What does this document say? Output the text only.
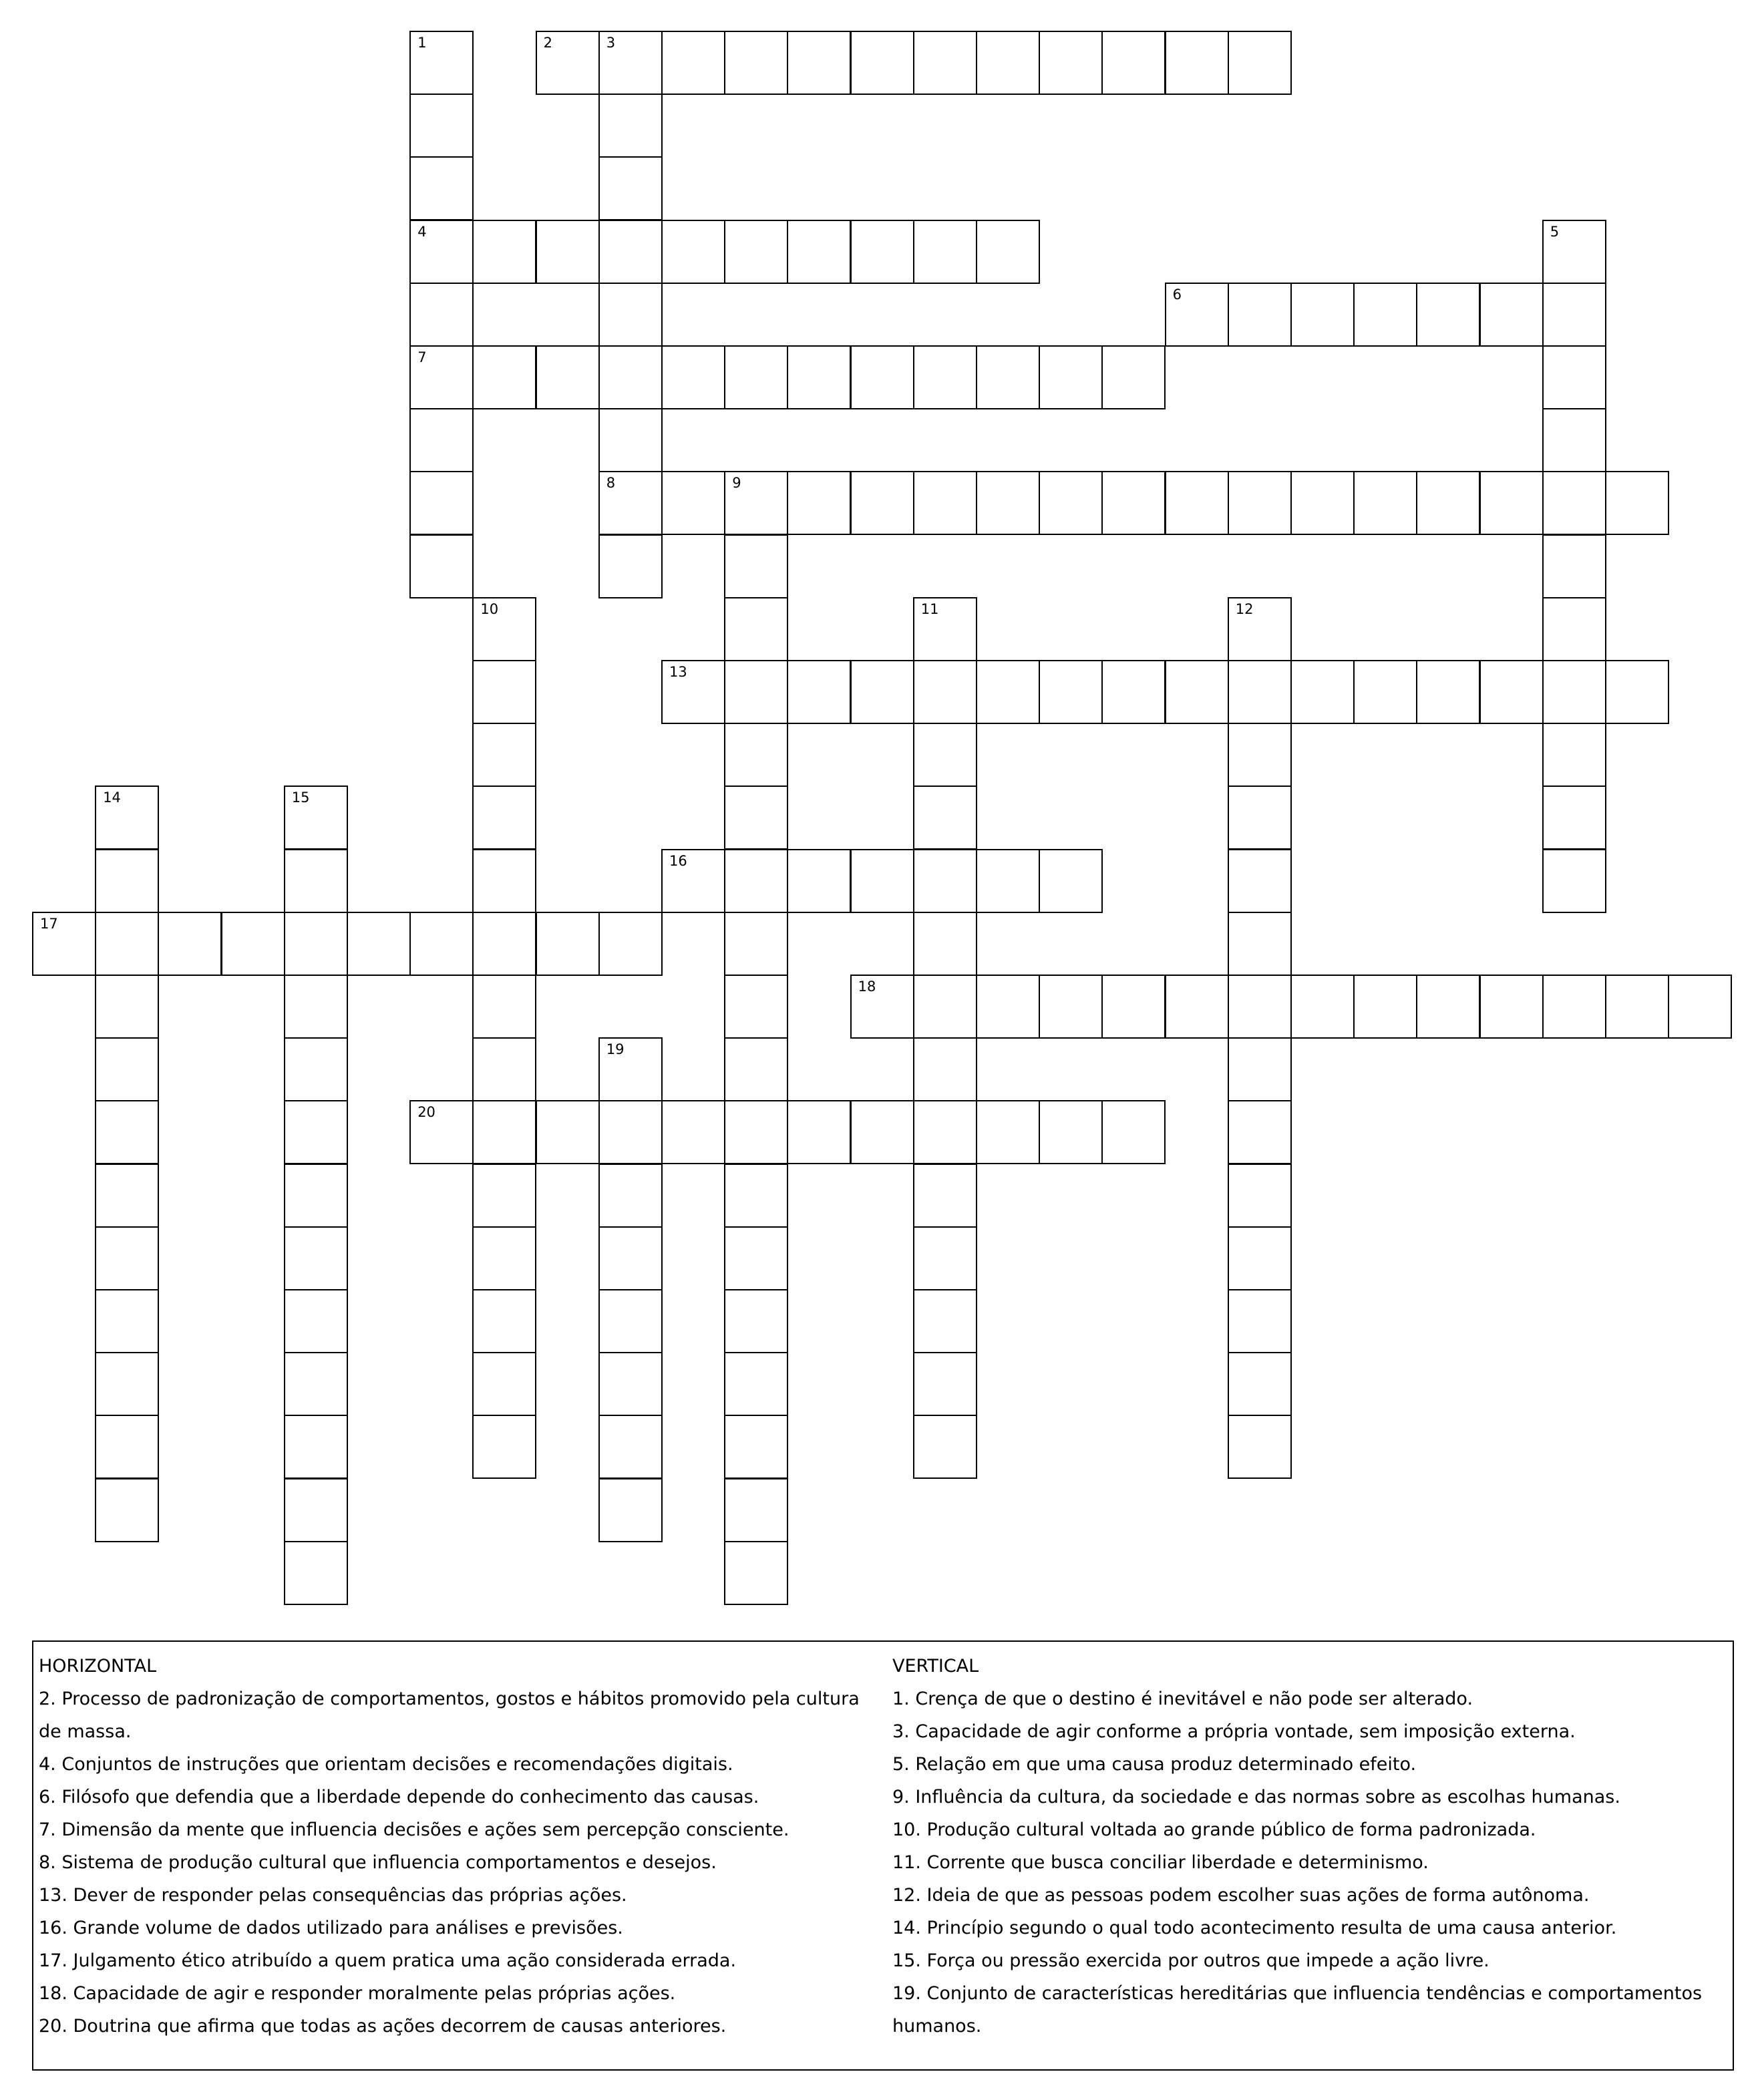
1
4
7
2	3
8
5
6
9
10	11	12
13
14	15
16
17
18
19
20

HORIZONTAL

2. Processo de padronização de comportamentos, gostos e hábitos promovido pela cultura de massa.

4. Conjuntos de instruções que orientam decisões e recomendações digitais.

6. Filósofo que defendia que a liberdade depende do conhecimento das causas.

7. Dimensão da mente que influencia decisões e ações sem percepção consciente.

8. Sistema de produção cultural que influencia comportamentos e desejos.

13. Dever de responder pelas consequências das próprias ações.

16. Grande volume de dados utilizado para análises e previsões.

17. Julgamento ético atribuído a quem pratica uma ação considerada errada.

18. Capacidade de agir e responder moralmente pelas próprias ações.

20. Doutrina que afirma que todas as ações decorrem de causas anteriores.

VERTICAL

1. Crença de que o destino é inevitável e não pode ser alterado.

3. Capacidade de agir conforme a própria vontade, sem imposição externa.

5. Relação em que uma causa produz determinado efeito.

9. Influência da cultura, da sociedade e das normas sobre as escolhas humanas.

10. Produção cultural voltada ao grande público de forma padronizada.

11. Corrente que busca conciliar liberdade e determinismo.

12. Ideia de que as pessoas podem escolher suas ações de forma autônoma.

14. Princípio segundo o qual todo acontecimento resulta de uma causa anterior.

15. Força ou pressão exercida por outros que impede a ação livre.

19. Conjunto de características hereditárias que influencia tendências e comportamentos humanos.
